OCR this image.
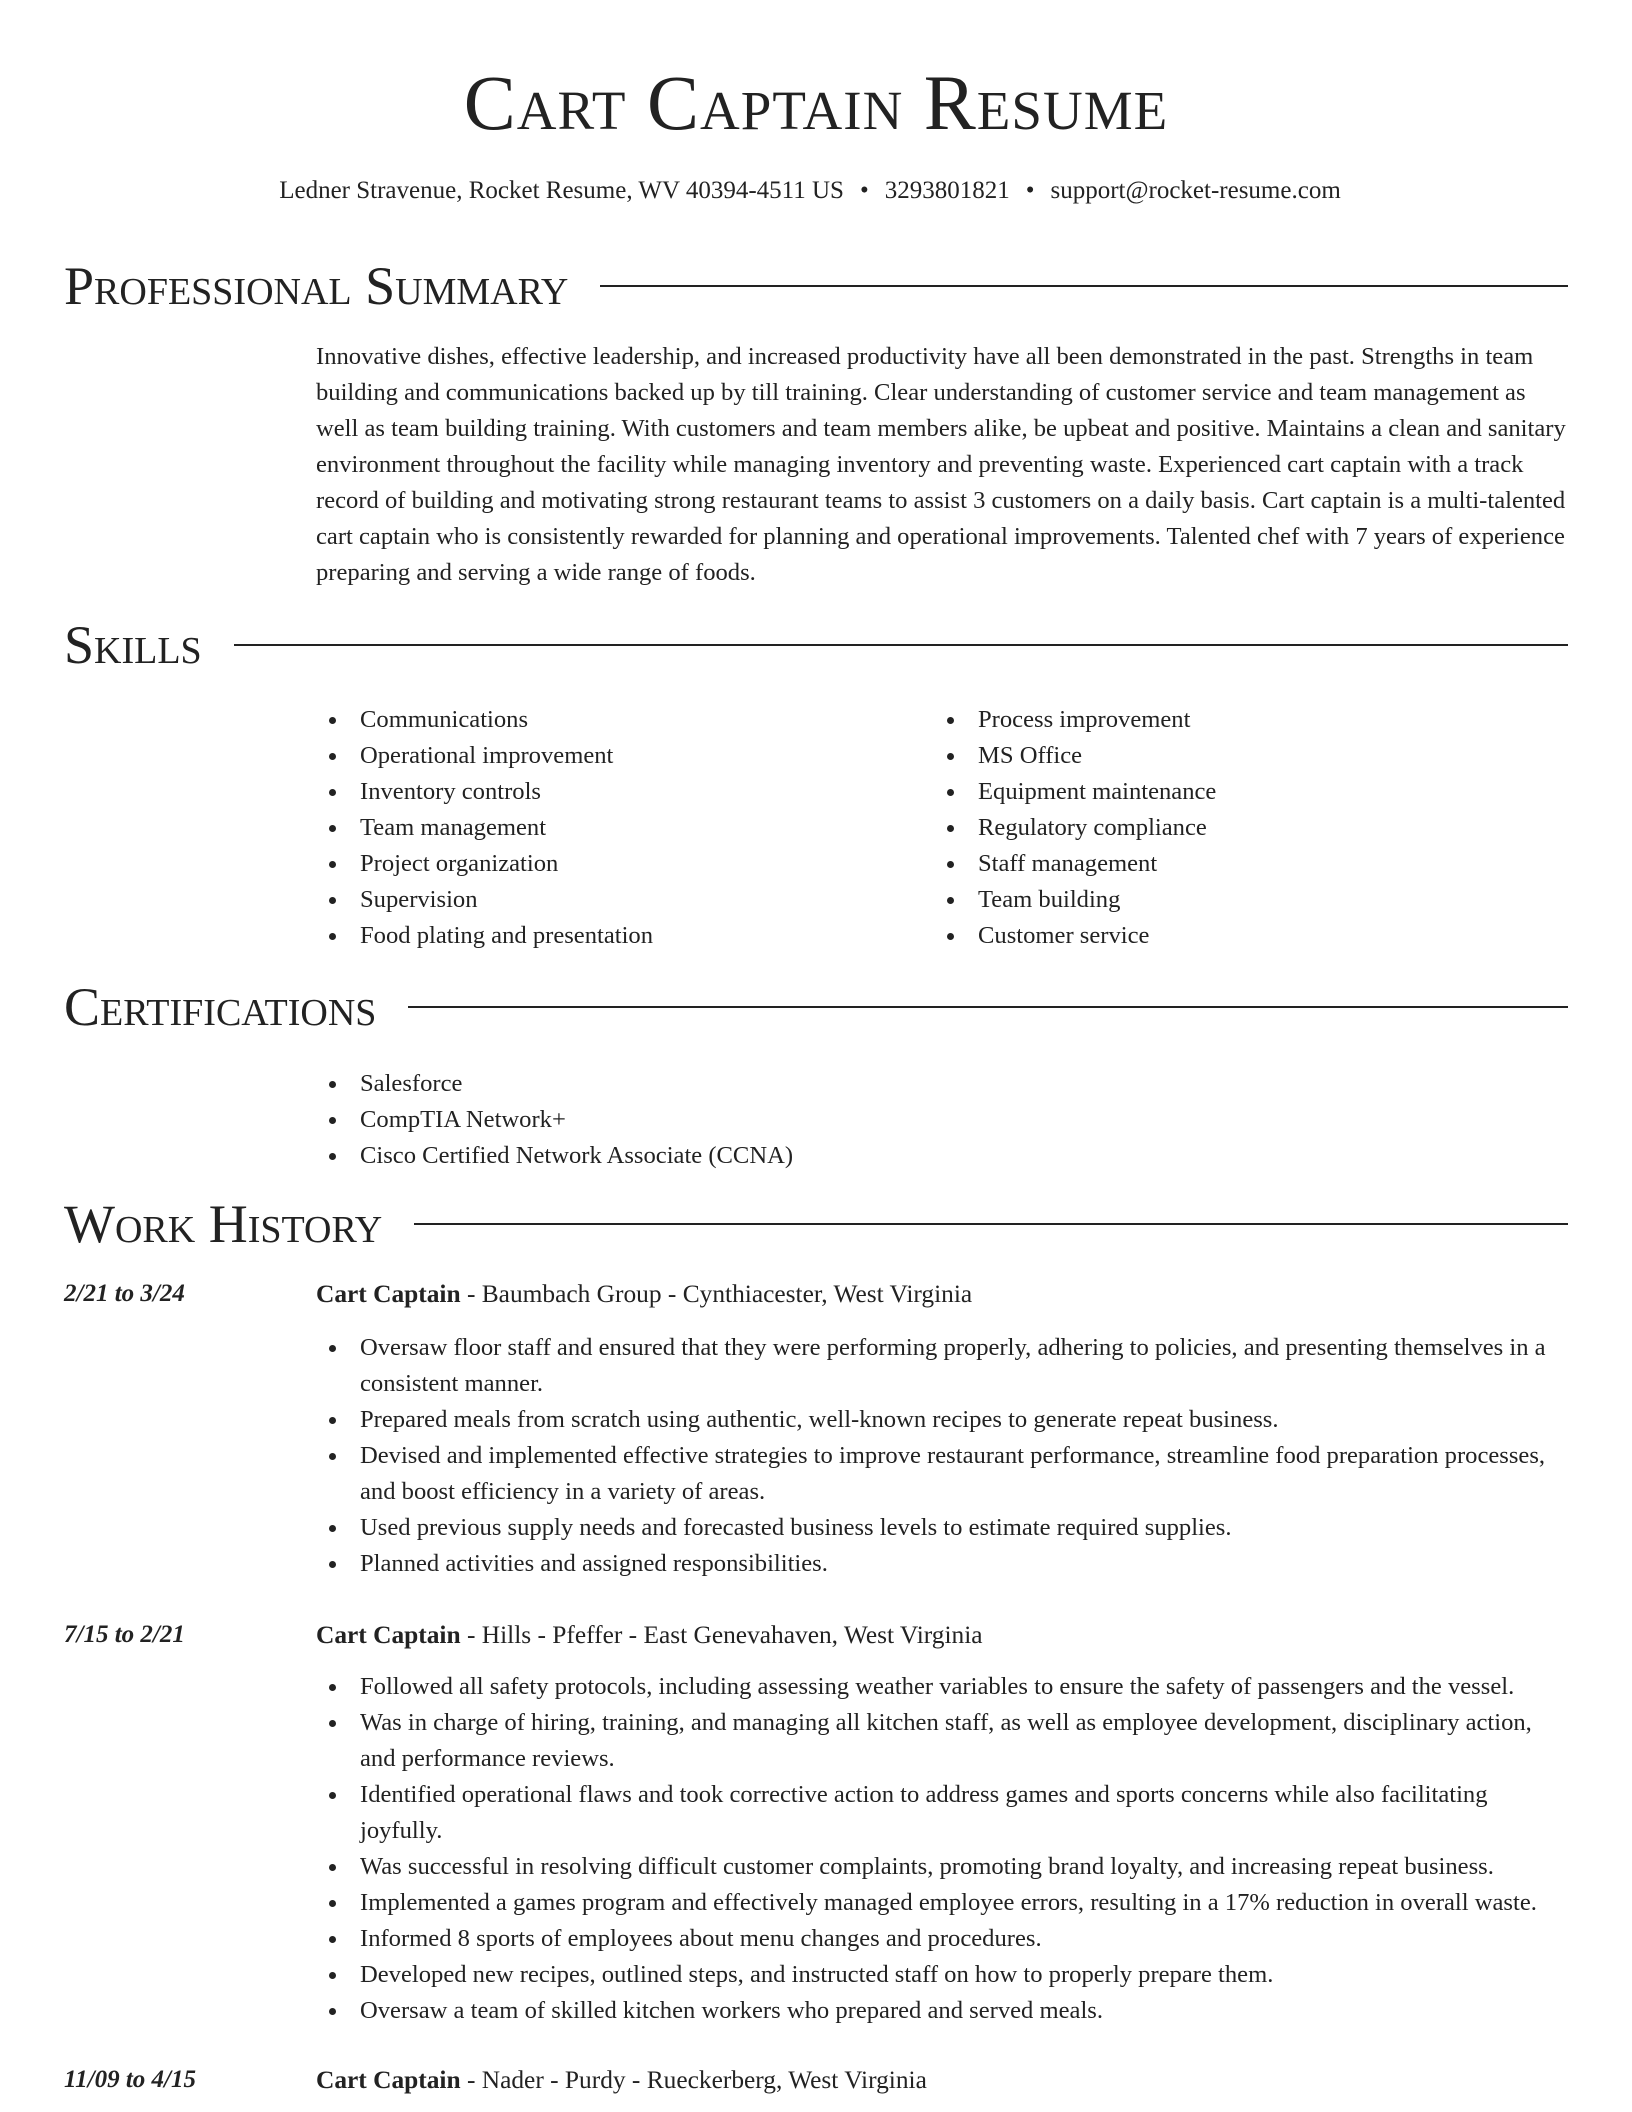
Cart Captain Resume
Ledner Stravenue, Rocket Resume, WV 40394-4511 US • 3293801821 • support@rocket-resume.com
Professional Summary

Innovative dishes, effective leadership, and increased productivity have all been demonstrated in the past. Strengths in team building and communications backed up by till training. Clear understanding of customer service and team management as well as team building training. With customers and team members alike, be upbeat and positive. Maintains a clean and sanitary environment throughout the facility while managing inventory and preventing waste. Experienced cart captain with a track record of building and motivating strong restaurant teams to assist 3 customers on a daily basis. Cart captain is a multi-talented cart captain who is consistently rewarded for planning and operational improvements. Talented chef with 7 years of experience preparing and serving a wide range of foods.

Skills
Communications
Operational improvement
Inventory controls
Team management
Project organization
Supervision
Food plating and presentation
Process improvement
MS Office
Equipment maintenance
Regulatory compliance
Staff management
Team building
Customer service
Certifications
Salesforce
CompTIA Network+
Cisco Certified Network Associate (CCNA)
Work History
2/21 to 3/24	Cart Captain - Baumbach Group - Cynthiacester, West Virginia
Oversaw floor staff and ensured that they were performing properly, adhering to policies, and presenting themselves in a consistent manner.
Prepared meals from scratch using authentic, well-known recipes to generate repeat business.
Devised and implemented effective strategies to improve restaurant performance, streamline food preparation processes, and boost efficiency in a variety of areas.
Used previous supply needs and forecasted business levels to estimate required supplies.
Planned activities and assigned responsibilities.
7/15 to 2/21	Cart Captain - Hills - Pfeffer - East Genevahaven, West Virginia
Followed all safety protocols, including assessing weather variables to ensure the safety of passengers and the vessel.
Was in charge of hiring, training, and managing all kitchen staff, as well as employee development, disciplinary action, and performance reviews.
Identified operational flaws and took corrective action to address games and sports concerns while also facilitating joyfully.
Was successful in resolving difficult customer complaints, promoting brand loyalty, and increasing repeat business.
Implemented a games program and effectively managed employee errors, resulting in a 17% reduction in overall waste.
Informed 8 sports of employees about menu changes and procedures.
Developed new recipes, outlined steps, and instructed staff on how to properly prepare them.
Oversaw a team of skilled kitchen workers who prepared and served meals.
11/09 to 4/15	Cart Captain - Nader - Purdy - Rueckerberg, West Virginia
